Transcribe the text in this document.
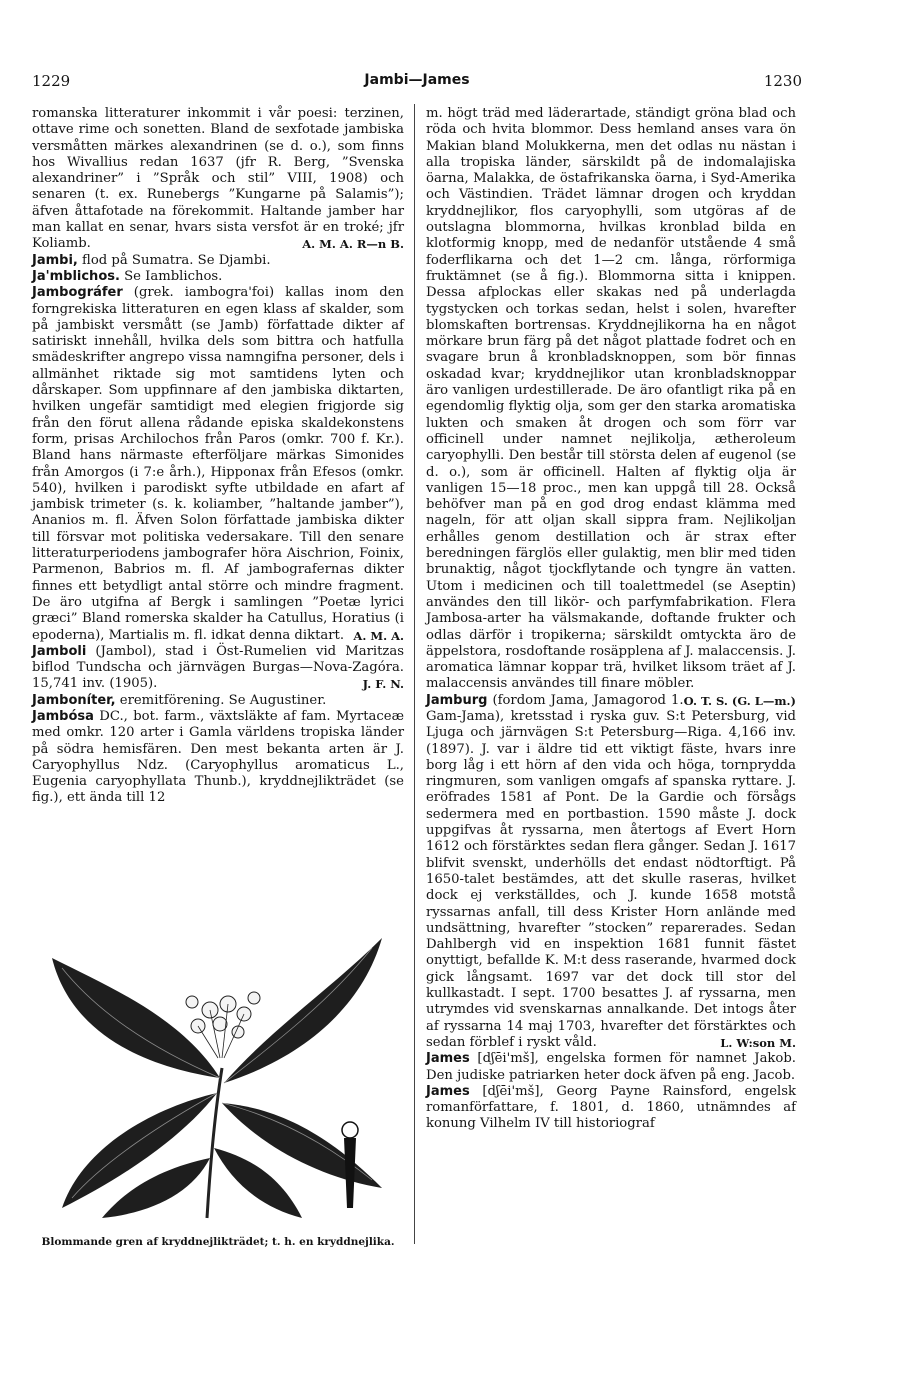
1229	Jambi—James	1230

romanska litteraturer inkommit i vår poesi: terzinen, ottave rime och sonetten. Bland de sexfotade jambiska versmåtten märkes alexandrinen (se d. o.), som finns hos Wivallius redan 1637 (jfr R. Berg, ”Svenska alexandriner” i ”Språk och stil” VIII, 1908) och senaren (t. ex. Runebergs ”Kungarne på Salamis”); äfven åttafotade na förekommit. Haltande jamber har man kallat en senar, hvars sista versfot är en troké; jfr Koliamb.	A. M. A. R—n B.

Jambi, flod på Sumatra. Se Djambi.

Ja'mblichos. Se Iamblichos.

Jambográfer (grek. iambogra'foi) kallas inom den forngrekiska litteraturen en egen klass af skalder, som på jambiskt versmått (se Jamb) författade dikter af satiriskt innehåll, hvilka dels som bittra och hatfulla smädeskrifter angrepo vissa namngifna personer, dels i allmänhet riktade sig mot samtidens lyten och dårskaper. Som uppfinnare af den jambiska diktarten, hvilken ungefär samtidigt med elegien frigjorde sig från den förut allena rådande episka skaldekonstens form, prisas Archilochos från Paros (omkr. 700 f. Kr.). Bland hans närmaste efterföljare märkas Simonides från Amorgos (i 7:e årh.), Hipponax från Efesos (omkr. 540), hvilken i parodiskt syfte utbildade en afart af jambisk trimeter (s. k. koliamber, ”haltande jamber”), Ananios m. fl. Äfven Solon författade jambiska dikter till försvar mot politiska vedersakare. Till den senare litteraturperiodens jambografer höra Aischrion, Foinix, Parmenon, Babrios m. fl. Af jambografernas dikter finnes ett betydligt antal större och mindre fragment. De äro utgifna af Bergk i samlingen ”Poetæ lyrici græci” Bland romerska skalder ha Catullus, Horatius (i epoderna), Martialis m. fl. idkat denna diktart. A. M. A.

Jamboli (Jambol), stad i Öst-Rumelien vid Maritzas biflod Tundscha och järnvägen Burgas—Nova-Zagóra. 15,741 inv. (1905).	J. F. N.

Jamboníter, eremitförening. Se Augustiner.

Jambósa DC., bot. farm., växtsläkte af fam. Myrtaceæ med omkr. 120 arter i Gamla världens tropiska länder på södra hemisfären. Den mest bekanta arten är J. Caryophyllus Ndz. (Caryophyllus aromaticus L., Eugenia caryophyllata Thunb.), kryddnejlikträdet (se fig.), ett ända till 12

Blommande gren af kryddnejlikträdet; t. h. en kryddnejlika.

m. högt träd med läderartade, ständigt gröna blad och röda och hvita blommor. Dess hemland anses vara ön Makian bland Molukkerna, men det odlas nu nästan i alla tropiska länder, särskildt på de indomalajiska öarna, Malakka, de östafrikanska öarna, i Syd-Amerika och Västindien. Trädet lämnar drogen och kryddan kryddnejlikor, flos caryophylli, som utgöras af de outslagna blommorna, hvilkas kronblad bilda en klotformig knopp, med de nedanför utstående 4 små foderflikarna och det 1—2 cm. långa, rörformiga fruktämnet (se å fig.). Blommorna sitta i knippen. Dessa afplockas eller skakas ned på underlagda tygstycken och torkas sedan, helst i solen, hvarefter blomskaften bortrensas. Kryddnejlikorna ha en något mörkare brun färg på det något plattade fodret och en svagare brun å kronbladsknoppen, som bör finnas oskadad kvar; kryddnejlikor utan kronbladsknoppar äro vanligen urdestillerade. De äro ofantligt rika på en egendomlig flyktig olja, som ger den starka aromatiska lukten och smaken åt drogen och som förr var officinell under namnet nejlikolja, ætheroleum caryophylli. Den består till största delen af eugenol (se d. o.), som är officinell. Halten af flyktig olja är vanligen 15—18 proc., men kan uppgå till 28. Också behöfver man på en god drog endast klämma med nageln, för att oljan skall sippra fram. Nejlikoljan erhålles genom destillation och är strax efter beredningen färglös eller gulaktig, men blir med tiden brunaktig, något tjockflytande och tyngre än vatten. Utom i medicinen och till toalettmedel (se Aseptin) användes den till likör- och parfymfabrikation. Flera Jambosa-arter ha välsmakande, doftande frukter och odlas därför i tropikerna; särskildt omtyckta äro de äppelstora, rosdoftande rosäpplena af J. malaccensis. J. aromatica lämnar koppar trä, hvilket liksom träet af J. malaccensis användes till finare möbler.
O. T. S. (G. L—m.)

Jamburg (fordom Jama, Jamagorod 1. Gam-Jama), kretsstad i ryska guv. S:t Petersburg, vid Ljuga och järnvägen S:t Petersburg—Riga. 4,166 inv. (1897). J. var i äldre tid ett viktigt fäste, hvars inre borg låg i ett hörn af den vida och höga, tornprydda ringmuren, som vanligen omgafs af spanska ryttare. J. eröfrades 1581 af Pont. De la Gardie och försågs sedermera med en portbastion. 1590 måste J. dock uppgifvas åt ryssarna, men återtogs af Evert Horn 1612 och förstärktes sedan flera gånger. Sedan J. 1617 blifvit svenskt, underhölls det endast nödtorftigt. På 1650-talet bestämdes, att det skulle raseras, hvilket dock ej verkställdes, och J. kunde 1658 motstå ryssarnas anfall, till dess Krister Horn anlände med undsättning, hvarefter ”stocken” reparerades. Sedan Dahlbergh vid en inspektion 1681 funnit fästet onyttigt, befallde K. M:t dess raserande, hvarmed dock gick långsamt. 1697 var det dock till stor del kullkastadt. I sept. 1700 besattes J. af ryssarna, men utrymdes vid svenskarnas annalkande. Det intogs åter af ryssarna 14 maj 1703, hvarefter det förstärktes och sedan förblef i ryskt våld.	L. W:son M.

James [dʃēi'mš], engelska formen för namnet Jakob. Den judiske patriarken heter dock äfven på eng. Jacob.

James [dʃēi'mš], Georg Payne Rainsford, engelsk romanförfattare, f. 1801, d. 1860, utnämndes af konung Vilhelm IV till historiograf
